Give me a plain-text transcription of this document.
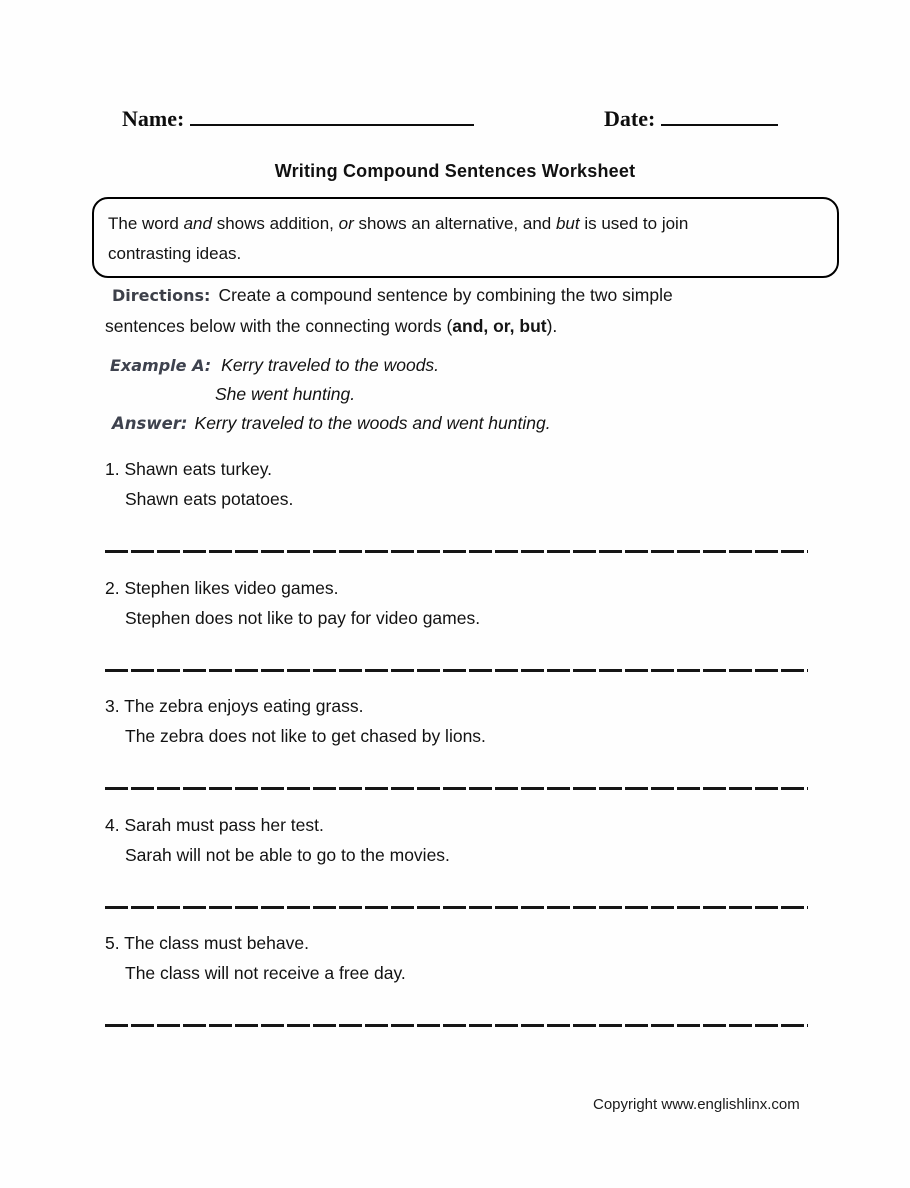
Name:	Date:
Writing Compound Sentences Worksheet
The word and shows addition, or shows an alternative, and but is used to join
contrasting ideas.
Directions: Create a compound sentence by combining the two simple
sentences below with the connecting words (and, or, but).
Example A: Kerry traveled to the woods.
She went hunting.
Answer: Kerry traveled to the woods and went hunting.
1. Shawn eats turkey.
Shawn eats potatoes.
2. Stephen likes video games.
Stephen does not like to pay for video games.
3. The zebra enjoys eating grass.
The zebra does not like to get chased by lions.
4. Sarah must pass her test.
Sarah will not be able to go to the movies.
5. The class must behave.
The class will not receive a free day.
Copyright www.englishlinx.com
